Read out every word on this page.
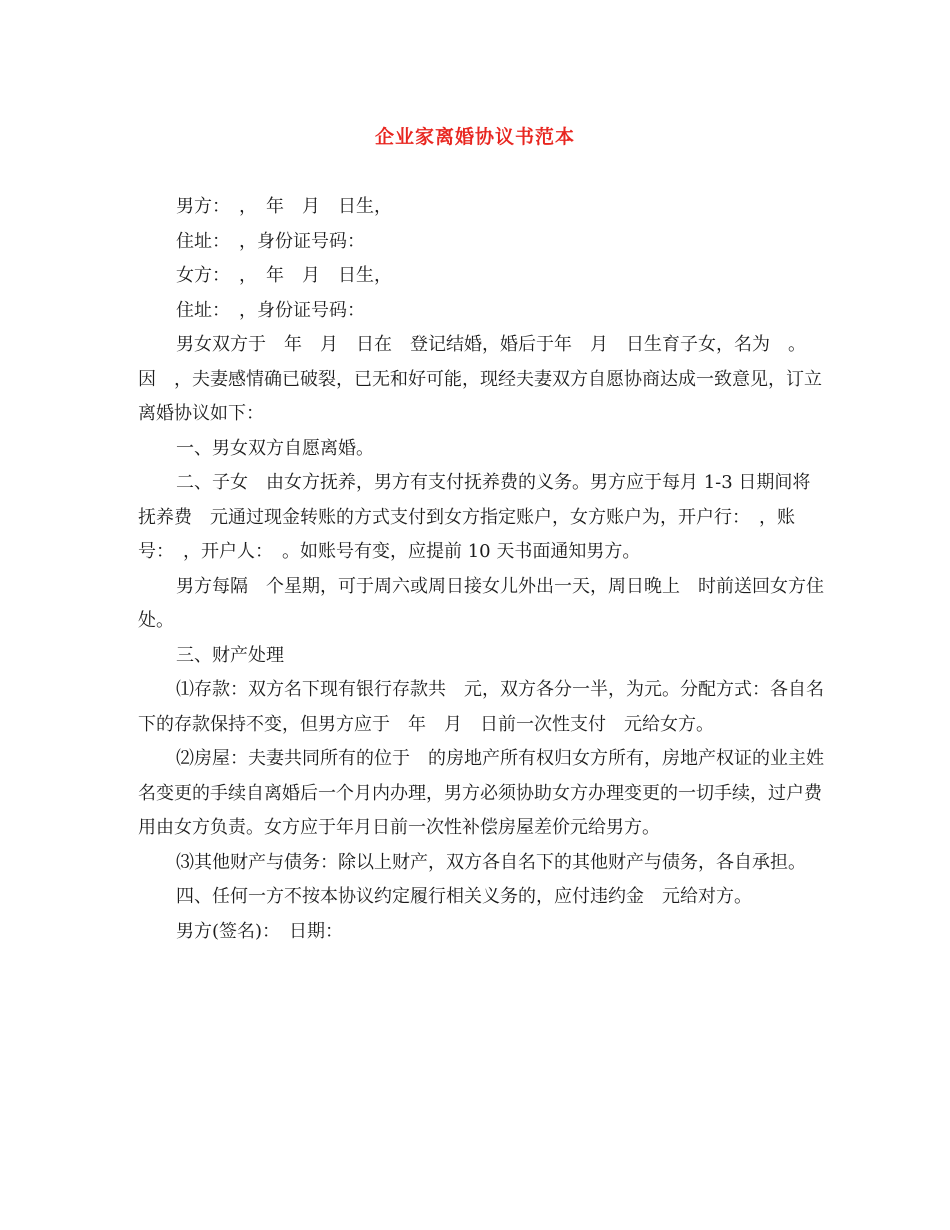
企业家离婚协议书范本

男方：　，　年　月　日生，

住址：　，身份证号码：

女方：　，　年　月　日生，

住址：　，身份证号码：

男女双方于　年　月　日在　登记结婚，婚后于年　月　日生育子女，名为　。因　，夫妻感情确已破裂，已无和好可能，现经夫妻双方自愿协商达成一致意见，订立离婚协议如下：

一、男女双方自愿离婚。

二、子女　由女方抚养，男方有支付抚养费的义务。男方应于每月 1-3 日期间将抚养费　元通过现金转账的方式支付到女方指定账户，女方账户为，开户行：　，账号：　，开户人：　。如账号有变，应提前 10 天书面通知男方。

男方每隔　个星期，可于周六或周日接女儿外出一天，周日晚上　时前送回女方住处。

三、财产处理

⑴存款：双方名下现有银行存款共　元，双方各分一半，为元。分配方式：各自名下的存款保持不变，但男方应于　年　月　日前一次性支付　元给女方。

⑵房屋：夫妻共同所有的位于　的房地产所有权归女方所有，房地产权证的业主姓名变更的手续自离婚后一个月内办理，男方必须协助女方办理变更的一切手续，过户费用由女方负责。女方应于年月日前一次性补偿房屋差价元给男方。

⑶其他财产与债务：除以上财产，双方各自名下的其他财产与债务，各自承担。

四、任何一方不按本协议约定履行相关义务的，应付违约金　元给对方。

男方(签名)：　日期：
